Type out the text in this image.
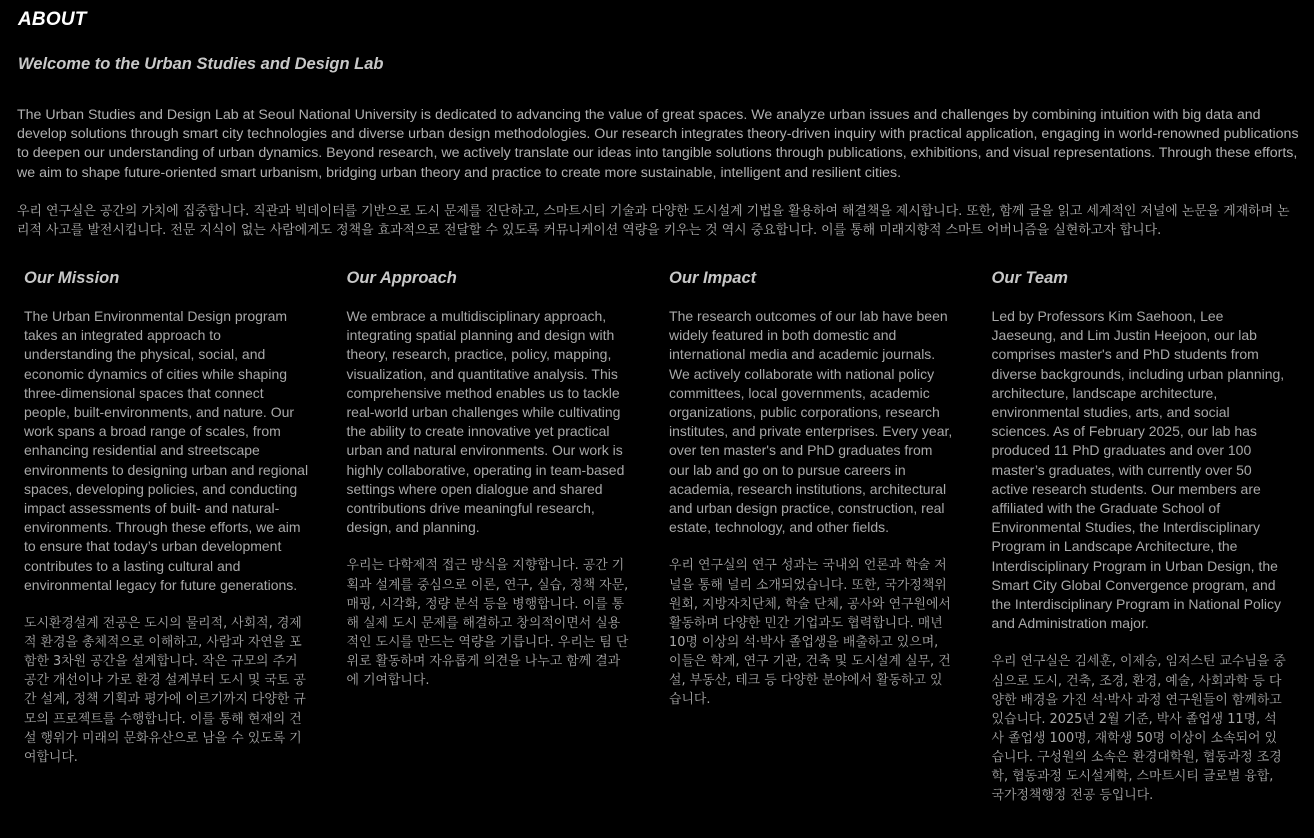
ABOUT
Welcome to the Urban Studies and Design Lab

The Urban Studies and Design Lab at Seoul National University is dedicated to advancing the value of great spaces. We analyze urban issues and challenges by combining intuition with big data and develop solutions through smart city technologies and diverse urban design methodologies. Our research integrates theory-driven inquiry with practical application, engaging in world-renowned publications to deepen our understanding of urban dynamics. Beyond research, we actively translate our ideas into tangible solutions through publications, exhibitions, and visual representations. Through these efforts, we aim to shape future-oriented smart urbanism, bridging urban theory and practice to create more sustainable, intelligent and resilient cities.

우리 연구실은 공간의 가치에 집중합니다. 직관과 빅데이터를 기반으로 도시 문제를 진단하고, 스마트시티 기술과 다양한 도시설계 기법을 활용하여 해결책을 제시합니다. 또한, 함께 글을 읽고 세계적인 저널에 논문을 게재하며 논리적 사고를 발전시킵니다. 전문 지식이 없는 사람에게도 정책을 효과적으로 전달할 수 있도록 커뮤니케이션 역량을 키우는 것 역시 중요합니다. 이를 통해 미래지향적 스마트 어버니즘을 실현하고자 합니다.

Our Mission

The Urban Environmental Design program takes an integrated approach to understanding the physical, social, and economic dynamics of cities while shaping three-dimensional spaces that connect people, built-environments, and nature. Our work spans a broad range of scales, from enhancing residential and streetscape environments to designing urban and regional spaces, developing policies, and conducting impact assessments of built- and natural-environments. Through these efforts, we aim to ensure that today’s urban development contributes to a lasting cultural and environmental legacy for future generations.

도시환경설계 전공은 도시의 물리적, 사회적, 경제적 환경을 총체적으로 이해하고, 사람과 자연을 포함한 3차원 공간을 설계합니다. 작은 규모의 주거 공간 개선이나 가로 환경 설계부터 도시 및 국토 공간 설계, 정책 기획과 평가에 이르기까지 다양한 규모의 프로젝트를 수행합니다. 이를 통해 현재의 건설 행위가 미래의 문화유산으로 남을 수 있도록 기여합니다.

Our Approach

We embrace a multidisciplinary approach, integrating spatial planning and design with theory, research, practice, policy, mapping, visualization, and quantitative analysis. This comprehensive method enables us to tackle real-world urban challenges while cultivating the ability to create innovative yet practical urban and natural environments. Our work is highly collaborative, operating in team-based settings where open dialogue and shared contributions drive meaningful research, design, and planning.

우리는 다학제적 접근 방식을 지향합니다. 공간 기획과 설계를 중심으로 이론, 연구, 실습, 정책 자문, 매핑, 시각화, 정량 분석 등을 병행합니다. 이를 통해 실제 도시 문제를 해결하고 창의적이면서 실용적인 도시를 만드는 역량을 기릅니다. 우리는 팀 단위로 활동하며 자유롭게 의견을 나누고 함께 결과에 기여합니다.

Our Impact

The research outcomes of our lab have been widely featured in both domestic and international media and academic journals. We actively collaborate with national policy committees, local governments, academic organizations, public corporations, research institutes, and private enterprises. Every year, over ten master's and PhD graduates from our lab and go on to pursue careers in academia, research institutions, architectural and urban design practice, construction, real estate, technology, and other fields.

우리 연구실의 연구 성과는 국내외 언론과 학술 저널을 통해 널리 소개되었습니다. 또한, 국가정책위원회, 지방자치단체, 학술 단체, 공사와 연구원에서 활동하며 다양한 민간 기업과도 협력합니다. 매년 10명 이상의 석·박사 졸업생을 배출하고 있으며, 이들은 학계, 연구 기관, 건축 및 도시설계 실무, 건설, 부동산, 테크 등 다양한 분야에서 활동하고 있습니다.

Our Team

Led by Professors Kim Saehoon, Lee Jaeseung, and Lim Justin Heejoon, our lab comprises master's and PhD students from diverse backgrounds, including urban planning, architecture, landscape architecture, environmental studies, arts, and social sciences. As of February 2025, our lab has produced 11 PhD graduates and over 100 master’s graduates, with currently over 50 active research students. Our members are affiliated with the Graduate School of Environmental Studies, the Interdisciplinary Program in Landscape Architecture, the Interdisciplinary Program in Urban Design, the Smart City Global Convergence program, and the Interdisciplinary Program in National Policy and Administration major.

우리 연구실은 김세훈, 이제승, 임저스틴 교수님을 중심으로 도시, 건축, 조경, 환경, 예술, 사회과학 등 다양한 배경을 가진 석·박사 과정 연구원들이 함께하고 있습니다. 2025년 2월 기준, 박사 졸업생 11명, 석사 졸업생 100명, 재학생 50명 이상이 소속되어 있습니다. 구성원의 소속은 환경대학원, 협동과정 조경학, 협동과정 도시설계학, 스마트시티 글로벌 융합, 국가정책행정 전공 등입니다.
